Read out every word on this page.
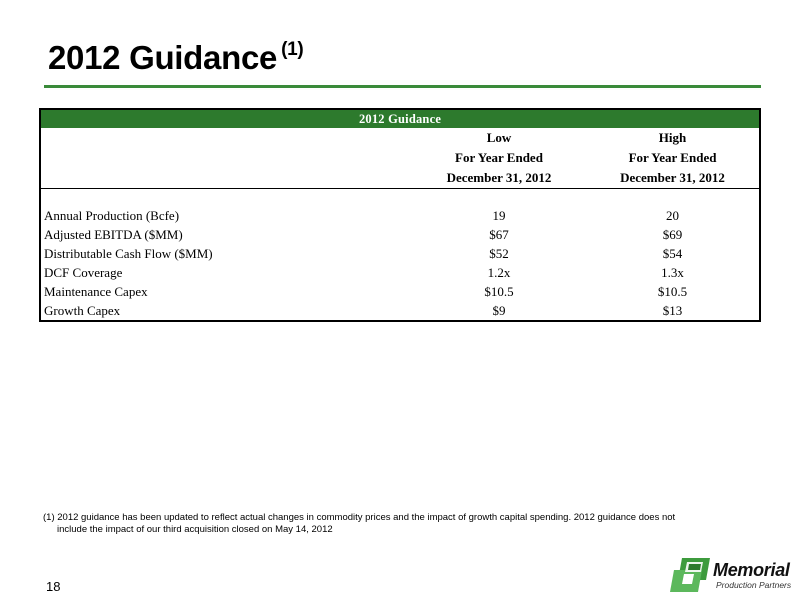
2012 Guidance $^{(1)}$
2012 Guidance		
	Low	High
	For Year Ended	For Year Ended
	December 31, 2012	December 31, 2012

Annual Production (Bcfe)	19	20
Adjusted EBITDA ($MM)	$67	$69
Distributable Cash Flow ($MM)	$52	$54
DCF Coverage	1.2x	1.3x
Maintenance Capex	$10.5	$10.5
Growth Capex	$9	$13
(1) 2012 guidance has been updated to reflect actual changes in commodity prices and the impact of growth capital spending. 2012 guidance does not
include the impact of our third acquisition closed on May 14, 2012
18
Memorial
Production Partners
